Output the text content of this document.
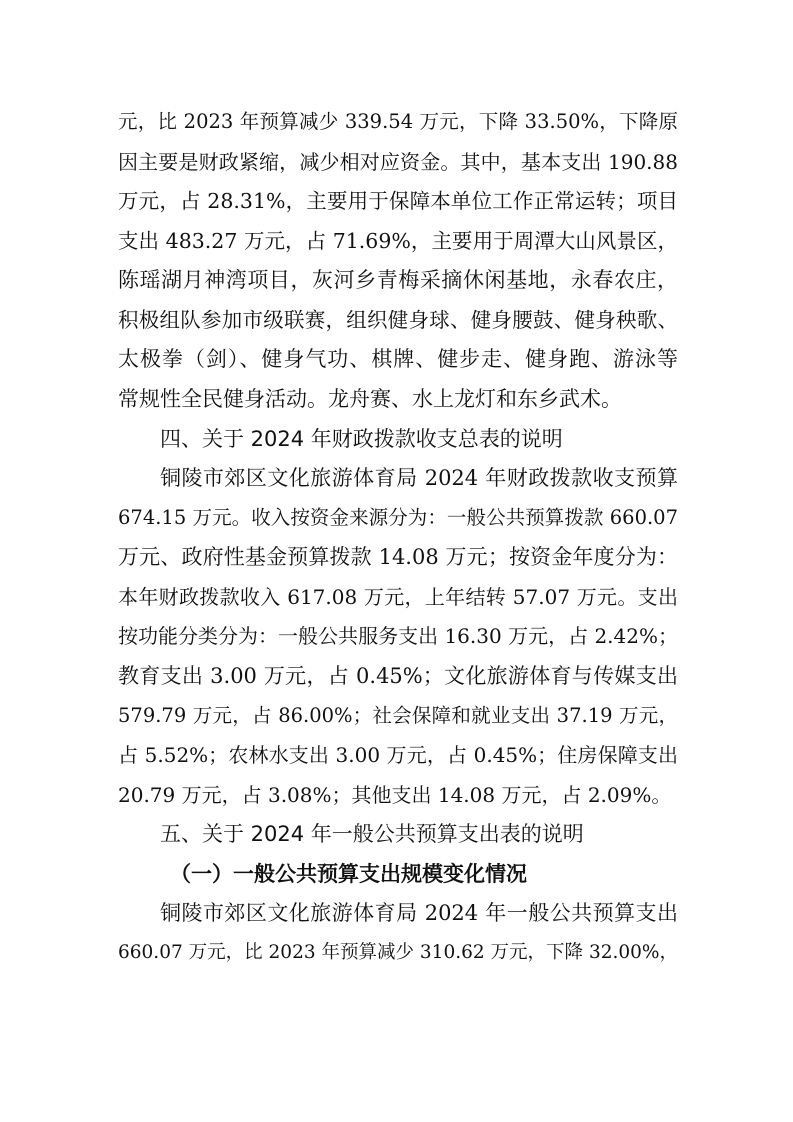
元，比 2023 年预算减少 339.54 万元，下降 33.50%，下降原
因主要是财政紧缩，减少相对应资金。其中，基本支出 190.88
万元，占 28.31%，主要用于保障本单位工作正常运转；项目
支出 483.27 万元，占 71.69%，主要用于周潭大山风景区，
陈瑶湖月神湾项目，灰河乡青梅采摘休闲基地，永春农庄，
积极组队参加市级联赛，组织健身球、健身腰鼓、健身秧歌、
太极拳（剑）、健身气功、棋牌、健步走、健身跑、游泳等
常规性全民健身活动。龙舟赛、水上龙灯和东乡武术。
四、关于 2024 年财政拨款收支总表的说明
铜陵市郊区文化旅游体育局 2024 年财政拨款收支预算
674.15 万元。收入按资金来源分为：一般公共预算拨款 660.07
万元、政府性基金预算拨款 14.08 万元；按资金年度分为：
本年财政拨款收入 617.08 万元，上年结转 57.07 万元。支出
按功能分类分为：一般公共服务支出 16.30 万元，占 2.42%；
教育支出 3.00 万元，占 0.45%；文化旅游体育与传媒支出
579.79 万元，占 86.00%；社会保障和就业支出 37.19 万元，
占 5.52%；农林水支出 3.00 万元，占 0.45%；住房保障支出
20.79 万元，占 3.08%；其他支出 14.08 万元，占 2.09%。
五、关于 2024 年一般公共预算支出表的说明
（一）一般公共预算支出规模变化情况
铜陵市郊区文化旅游体育局 2024 年一般公共预算支出
660.07 万元，比 2023 年预算减少 310.62 万元，下降 32.00%，
